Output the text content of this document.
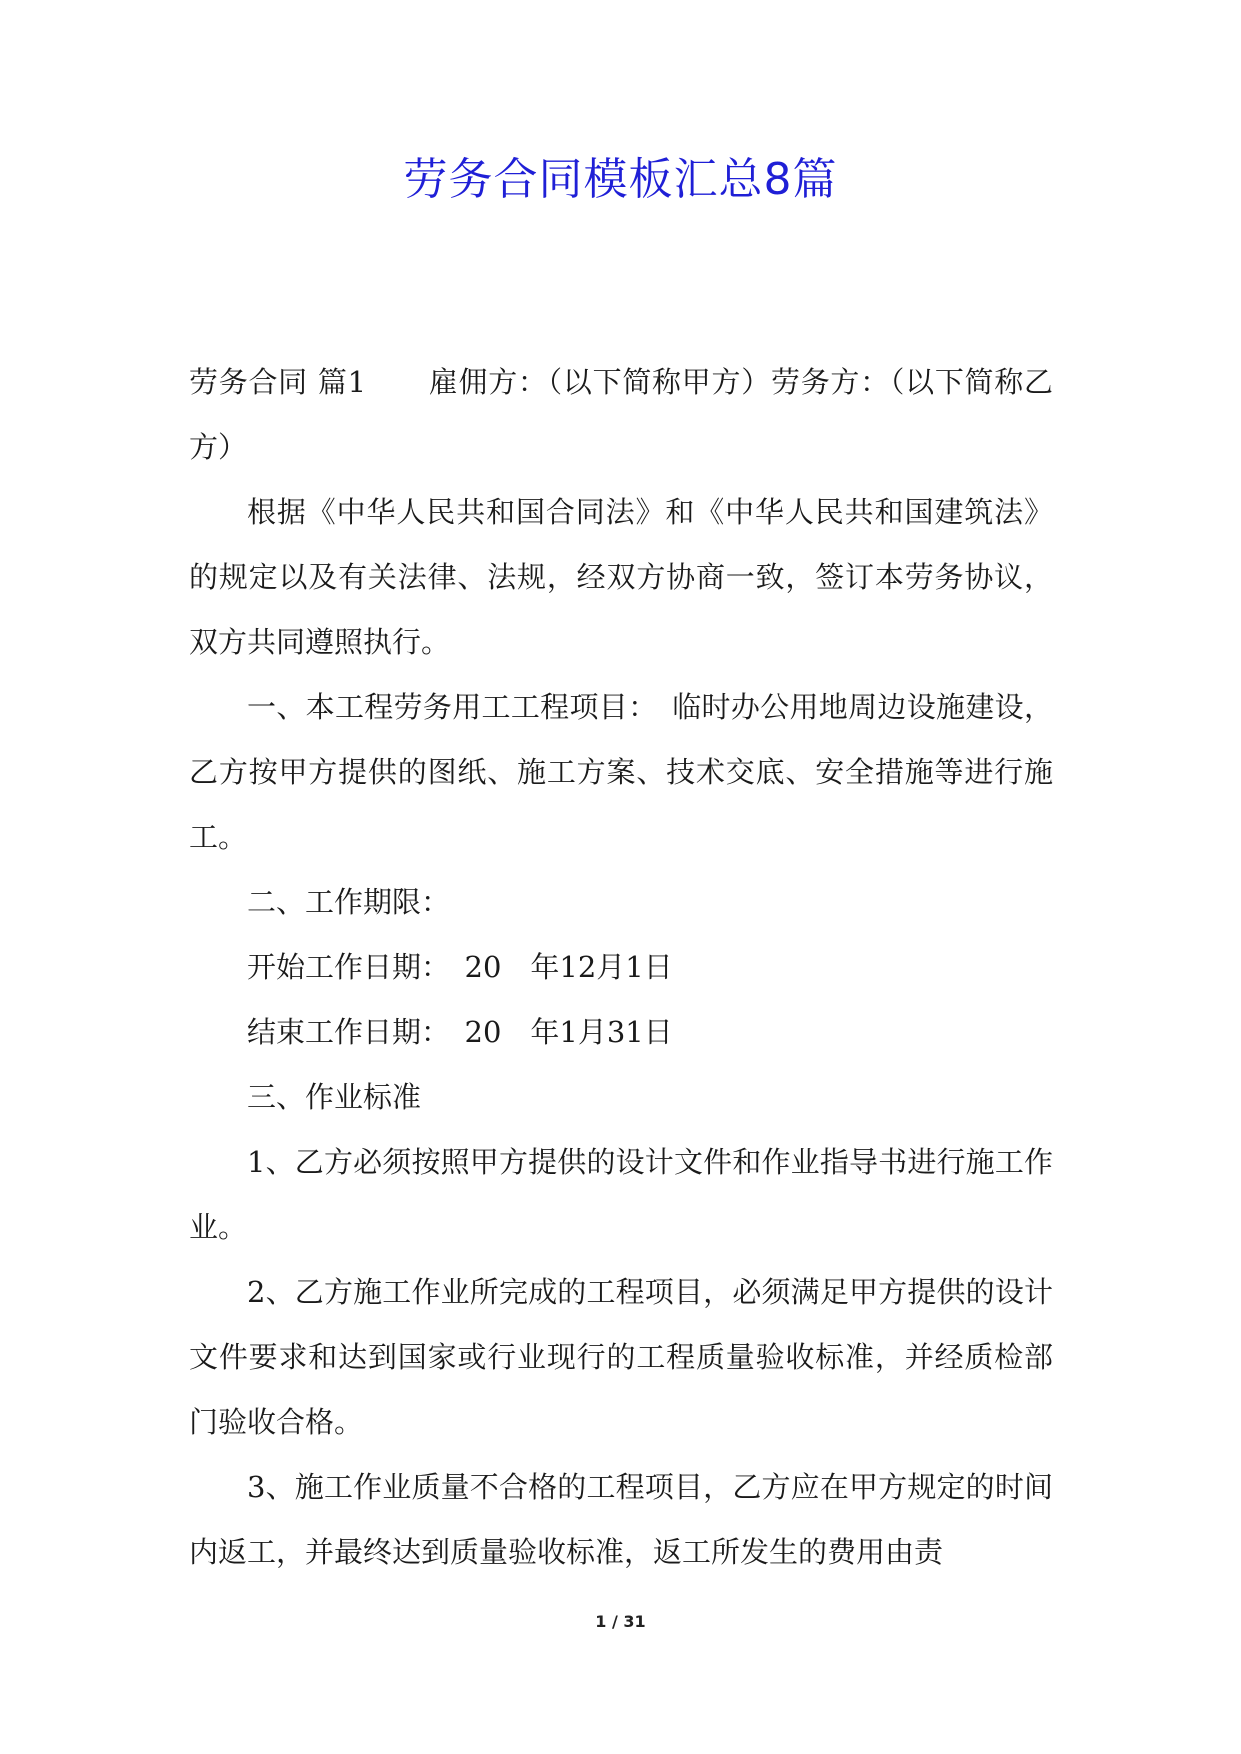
劳务合同模板汇总8篇

劳务合同 篇1 雇佣方：（以下简称甲方）劳务方：（以下简称乙方）

根据《中华人民共和国合同法》和《中华人民共和国建筑法》的规定以及有关法律、法规，经双方协商一致，签订本劳务协议，双方共同遵照执行。

一、本工程劳务用工工程项目：　临时办公用地周边设施建设，乙方按甲方提供的图纸、施工方案、技术交底、安全措施等进行施工。

二、工作期限：

开始工作日期：　20　年12月1日

结束工作日期：　20　年1月31日

三、作业标准

1、乙方必须按照甲方提供的设计文件和作业指导书进行施工作业。

2、乙方施工作业所完成的工程项目，必须满足甲方提供的设计文件要求和达到国家或行业现行的工程质量验收标准，并经质检部门验收合格。

3、施工作业质量不合格的工程项目，乙方应在甲方规定的时间内返工，并最终达到质量验收标准，返工所发生的费用由责

1 / 31
